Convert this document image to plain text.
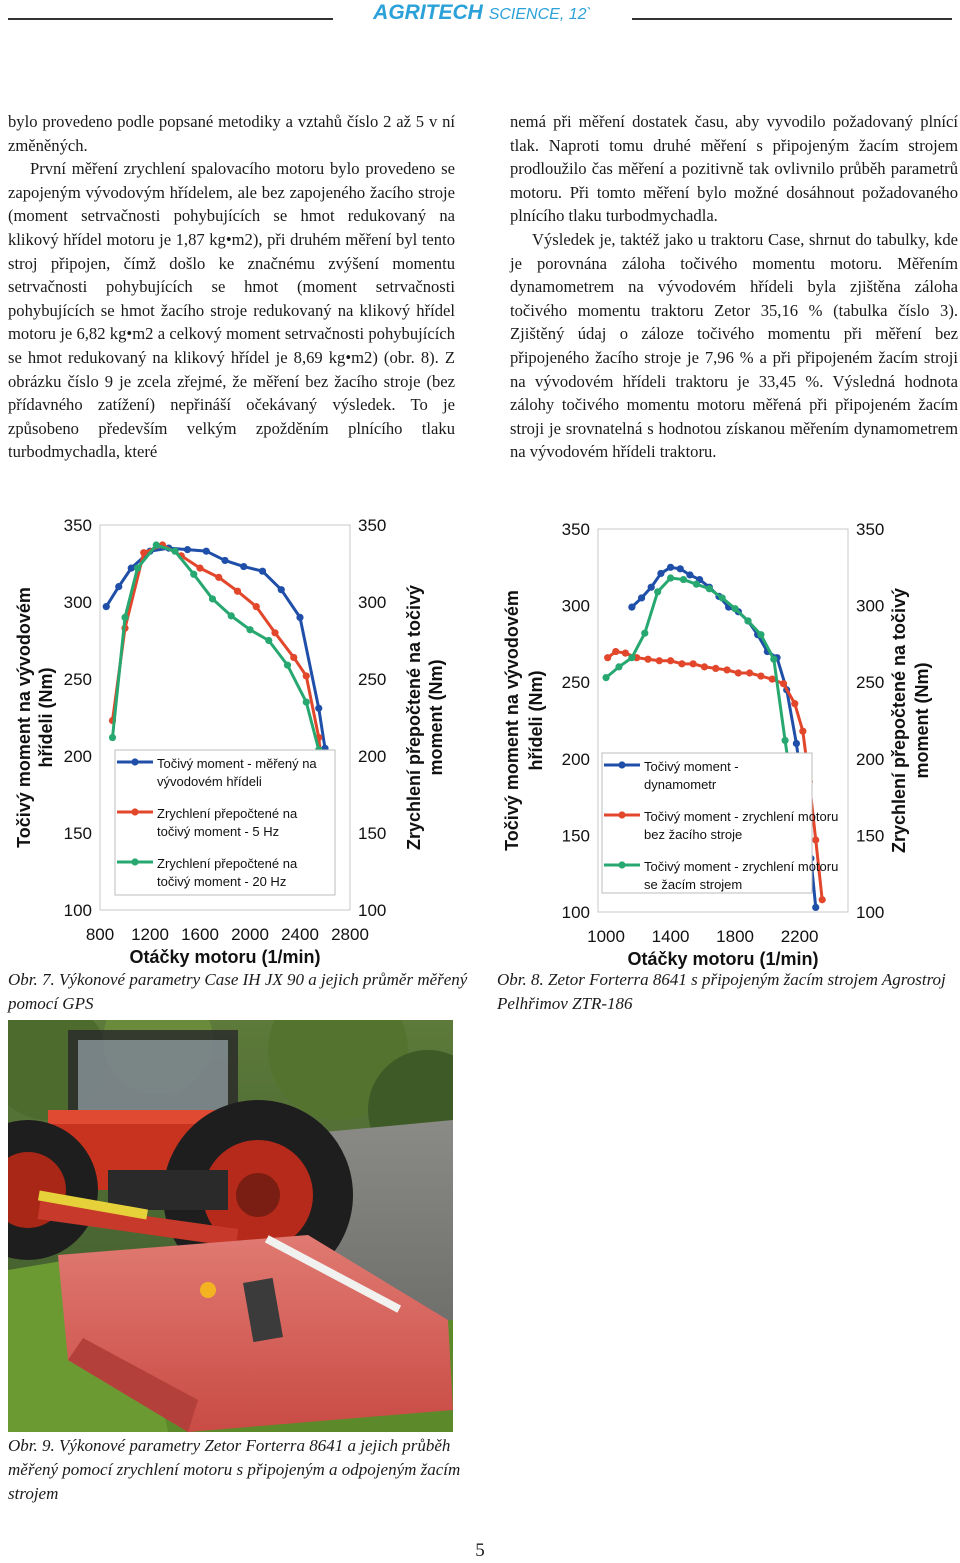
AGRITECH SCIENCE, 12`

bylo provedeno podle popsané metodiky a vztahů číslo 2 až 5 v ní změněných.

První měření zrychlení spalovacího motoru bylo provedeno se zapojeným vývodovým hřídelem, ale bez zapojeného žacího stroje (moment setrvačnosti pohybujících se hmot redukovaný na klikový hřídel motoru je 1,87 kg•m2), při druhém měření byl tento stroj připojen, čímž došlo ke značnému zvýšení momentu setrvačnosti pohybujících se hmot (moment setrvačnosti pohybujících se hmot žacího stroje redukovaný na klikový hřídel motoru je 6,82 kg•m2 a celkový moment setrvačnosti pohybujících se hmot redukovaný na klikový hřídel je 8,69 kg•m2) (obr. 8). Z obrázku číslo 9 je zcela zřejmé, že měření bez žacího stroje (bez přídavného zatížení) nepřináší očekávaný výsledek. To je způsobeno především velkým zpožděním plnícího tlaku turbodmychadla, které

nemá při měření dostatek času, aby vyvodilo požadovaný plnící tlak. Naproti tomu druhé měření s připojeným žacím strojem prodloužilo čas měření a pozitivně tak ovlivnilo průběh parametrů motoru. Při tomto měření bylo možné dosáhnout požadovaného plnícího tlaku turbodmychadla.

Výsledek je, taktéž jako u traktoru Case, shrnut do tabulky, kde je porovnána záloha točivého momentu motoru. Měřením dynamometrem na vývodovém hřídeli byla zjištěna záloha točivého momentu traktoru Zetor 35,16 % (tabulka číslo 3). Zjištěný údaj o záloze točivého momentu při měření bez připojeného žacího stroje je 7,96 % a při připojeném žacím stroji na vývodovém hřídeli traktoru je 33,45 %. Výsledná hodnota zálohy točivého momentu motoru měřená při připojeném žacím stroji je srovnatelná s hodnotou získanou měřením dynamometrem na vývodovém hřídeli traktoru.

100	100
150	150
200	200
250	250
300	300
350	350
800 1200 1600 2000 2400 2800
Otáčky motoru (1/min)
Točivý moment na vývodovém hřídeli (Nm)	Zrychlení přepočtené na točivý moment (Nm)
Točivý moment - měřený na
vývodovém hřídeli
Zrychlení přepočtené na
točivý moment - 5 Hz
Zrychlení přepočtené na
točivý moment - 20 Hz
100	100
150	150
200	200
250	250
300	300
350	350
1000 1400 1800 2200
Otáčky motoru (1/min)
Točivý moment na vývodovém hřídeli (Nm)	Zrychlení přepočtené na točivý moment (Nm)
Točivý moment -
dynamometr
Točivý moment - zrychlení motoru
bez žacího stroje
Točivý moment - zrychlení motoru
se žacím strojem
Obr. 7. Výkonové parametry Case IH JX 90 a jejich průměr měřený pomocí GPS
Obr. 8. Zetor Forterra 8641 s připojeným žacím strojem Agrostroj Pelhřimov ZTR-186
Obr. 9. Výkonové parametry Zetor Forterra 8641 a jejich průběh měřený pomocí zrychlení motoru s připojeným a odpojeným žacím strojem
5
